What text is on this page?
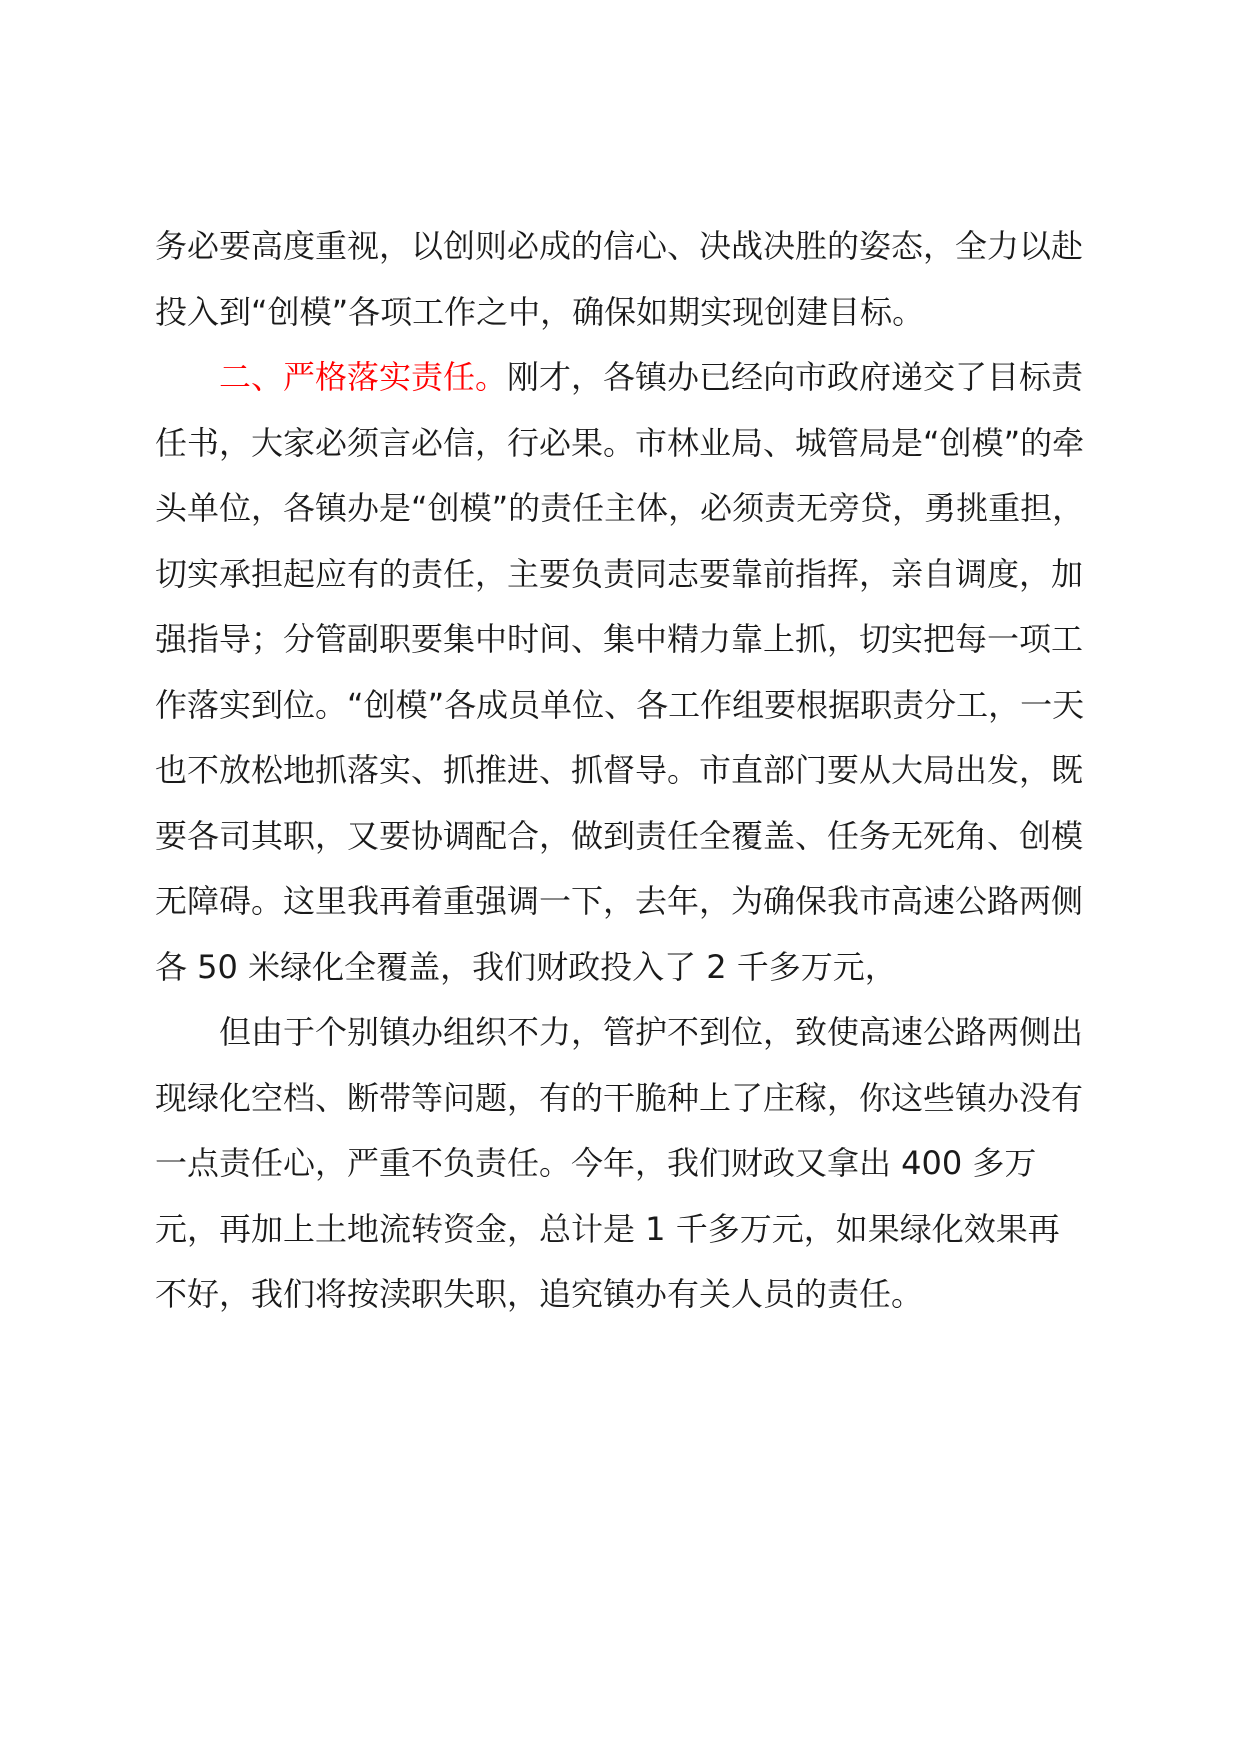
务必要高度重视，以创则必成的信心、决战决胜的姿态，全力以赴投入到“创模”各项工作之中，确保如期实现创建目标。

二、严格落实责任。刚才，各镇办已经向市政府递交了目标责任书，大家必须言必信，行必果。市林业局、城管局是“创模”的牵头单位，各镇办是“创模”的责任主体，必须责无旁贷，勇挑重担，切实承担起应有的责任，主要负责同志要靠前指挥，亲自调度，加强指导；分管副职要集中时间、集中精力靠上抓，切实把每一项工作落实到位。“创模”各成员单位、各工作组要根据职责分工，一天也不放松地抓落实、抓推进、抓督导。市直部门要从大局出发，既要各司其职，又要协调配合，做到责任全覆盖、任务无死角、创模无障碍。这里我再着重强调一下，去年，为确保我市高速公路两侧各 50 米绿化全覆盖，我们财政投入了 2 千多万元，

但由于个别镇办组织不力，管护不到位，致使高速公路两侧出现绿化空档、断带等问题，有的干脆种上了庄稼，你这些镇办没有一点责任心，严重不负责任。今年，我们财政又拿出 400 多万元，再加上土地流转资金，总计是 1 千多万元，如果绿化效果再不好，我们将按渎职失职，追究镇办有关人员的责任。
